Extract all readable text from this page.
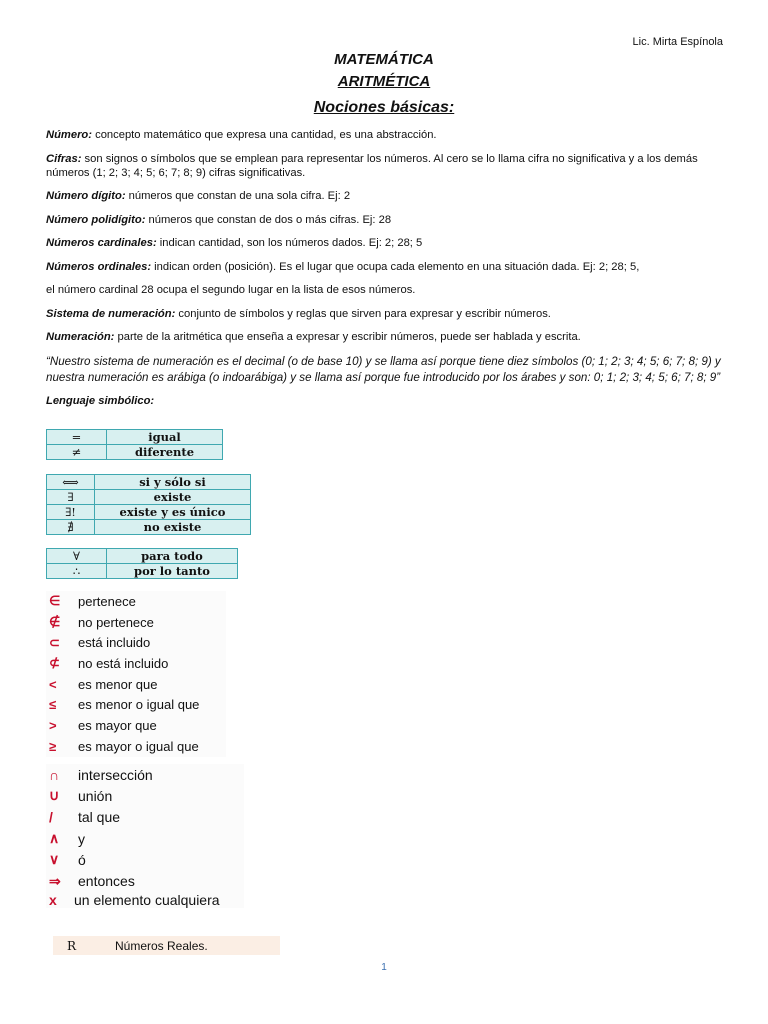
Lic. Mirta Espínola
MATEMÁTICA
ARITMÉTICA
Nociones básicas:

Número: concepto matemático que expresa una cantidad, es una abstracción.

Cifras: son signos o símbolos que se emplean para representar los números. Al cero se lo llama cifra no significativa y a los demás números (1; 2; 3; 4; 5; 6; 7; 8; 9) cifras significativas.

Número dígito: números que constan de una sola cifra. Ej: 2

Número polidígito: números que constan de dos o más cifras. Ej: 28

Números cardinales: indican cantidad, son los números dados. Ej: 2; 28; 5

Números ordinales: indican orden (posición). Es el lugar que ocupa cada elemento en una situación dada. Ej: 2; 28; 5,

el número cardinal 28 ocupa el segundo lugar en la lista de esos números.

Sistema de numeración: conjunto de símbolos y reglas que sirven para expresar y escribir números.

Numeración: parte de la aritmética que enseña a expresar y escribir números, puede ser hablada y escrita.

“Nuestro sistema de numeración es el decimal (o de base 10) y se llama así porque tiene diez símbolos (0; 1; 2; 3; 4; 5; 6; 7; 8; 9) y nuestra numeración es arábiga (o indoarábiga) y se llama así porque fue introducido por los árabes y son: 0; 1; 2; 3; 4; 5; 6; 7; 8; 9”

Lenguaje simbólico:

=	igual
≠	diferente
⟺	si y sólo si
∃	existe
∃!	existe y es único
∄	no existe
∀	para todo
∴	por lo tanto
∈	pertenece
∉	no pertenece
⊂	está incluido
⊄	no está incluido
<	es menor que
≤	es menor o igual que
>	es mayor que
≥	es mayor o igual que
∩	intersección
∪	unión
/	tal que
∧	y
∨	ó
⇒	entonces
x un elemento cualquiera
R	Números Reales.
1
